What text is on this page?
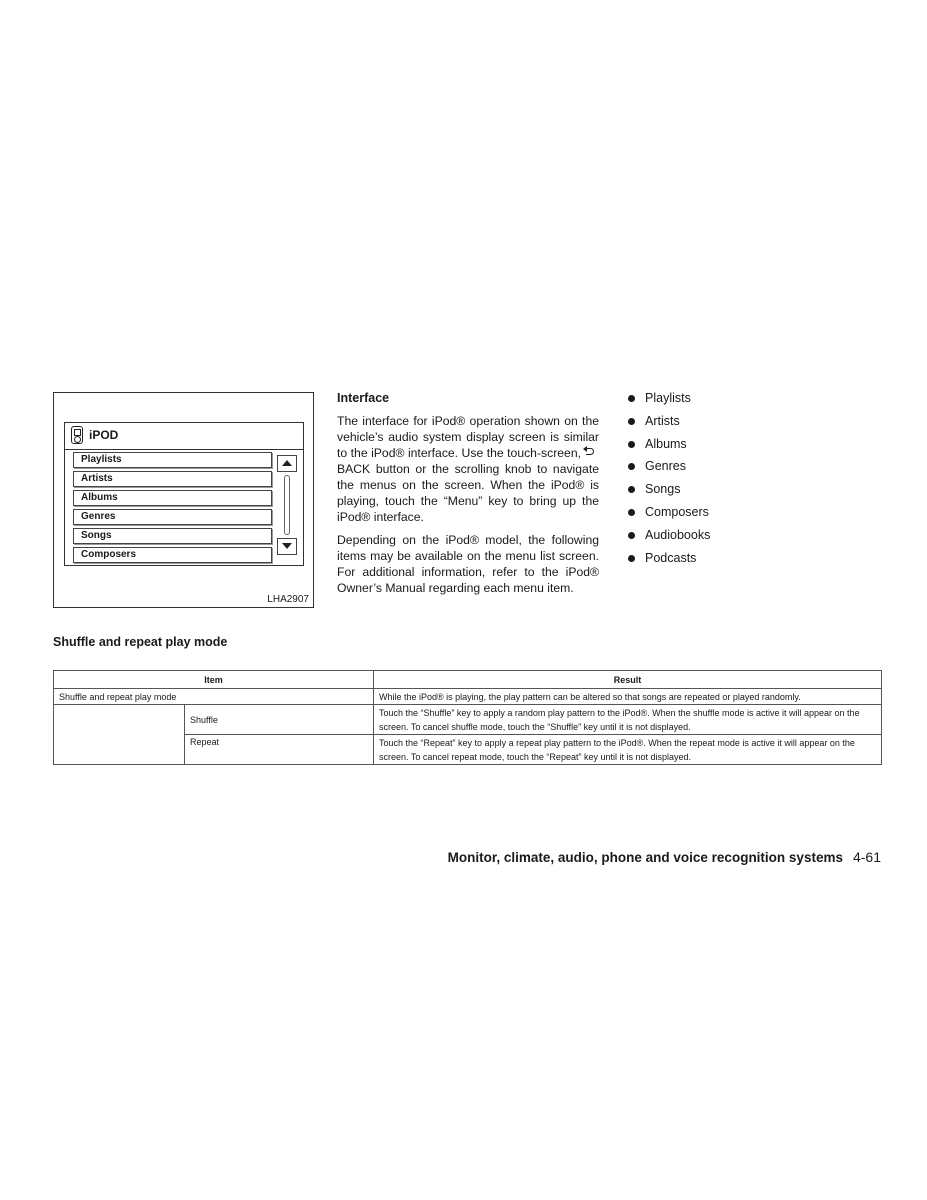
iPOD
Playlists
Artists
Albums
Genres
Songs
Composers
LHA2907
Interface

The interface for iPod® operation shown on the vehicle’s audio system display screen is similar to the iPod® interface. Use the touch-screen,BACK button or the scrolling knob to navigate the menus on the screen. When the iPod® is playing, touch the “Menu” key to bring up the iPod® interface.

Depending on the iPod® model, the following items may be available on the menu list screen. For additional information, refer to the iPod® Owner’s Manual regarding each menu item.

Playlists
Artists
Albums
Genres
Songs
Composers
Audiobooks
Podcasts
Shuffle and repeat play mode
Item		Result
Shuffle and repeat play mode		While the iPod® is playing, the play pattern can be altered so that songs are repeated or played randomly.
	Shuffle	Touch the “Shuffle” key to apply a random play pattern to the iPod®. When the shuffle mode is active it will appear on the screen. To cancel shuffle mode, touch the “Shuffle” key until it is not displayed.
	Repeat	Touch the “Repeat” key to apply a repeat play pattern to the iPod®. When the repeat mode is active it will appear on the screen. To cancel repeat mode, touch the “Repeat” key until it is not displayed.
Monitor, climate, audio, phone and voice recognition systems 4-61
